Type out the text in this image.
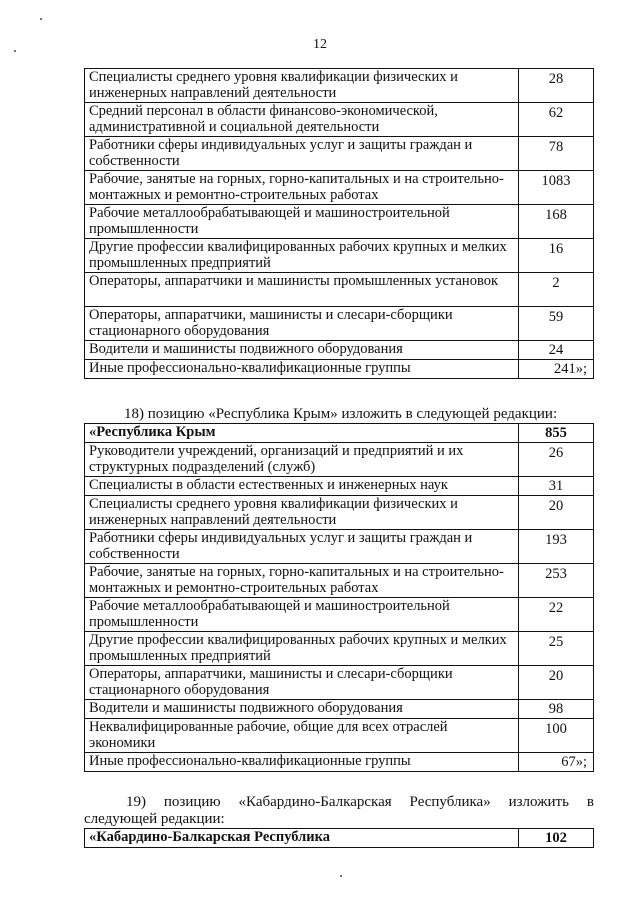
12
Специалисты среднего уровня квалификации физических и инженерных направлений деятельности	28
Средний персонал в области финансово-экономической, административной и социальной деятельности	62
Работники сферы индивидуальных услуг и защиты граждан и собственности	78
Рабочие, занятые на горных, горно-капитальных и на строительно-монтажных и ремонтно-строительных работах	1083
Рабочие металлообрабатывающей и машиностроительной промышленности	168
Другие профессии квалифицированных рабочих крупных и мелких промышленных предприятий	16
Операторы, аппаратчики и машинисты промышленных установок	2
Операторы, аппаратчики, машинисты и слесари-сборщики стационарного оборудования	59
Водители и машинисты подвижного оборудования	24
Иные профессионально-квалификационные группы	241»;
18) позицию «Республика Крым» изложить в следующей редакции:
«Республика Крым	855
Руководители учреждений, организаций и предприятий и их структурных подразделений (служб)	26
Специалисты в области естественных и инженерных наук	31
Специалисты среднего уровня квалификации физических и инженерных направлений деятельности	20
Работники сферы индивидуальных услуг и защиты граждан и собственности	193
Рабочие, занятые на горных, горно-капитальных и на строительно-монтажных и ремонтно-строительных работах	253
Рабочие металлообрабатывающей и машиностроительной промышленности	22
Другие профессии квалифицированных рабочих крупных и мелких промышленных предприятий	25
Операторы, аппаратчики, машинисты и слесари-сборщики стационарного оборудования	20
Водители и машинисты подвижного оборудования	98
Неквалифицированные рабочие, общие для всех отраслей экономики	100
Иные профессионально-квалификационные группы	67»;
19) позицию «Кабардино-Балкарская Республика» изложить в
следующей редакции:
«Кабардино-Балкарская Республика	102
